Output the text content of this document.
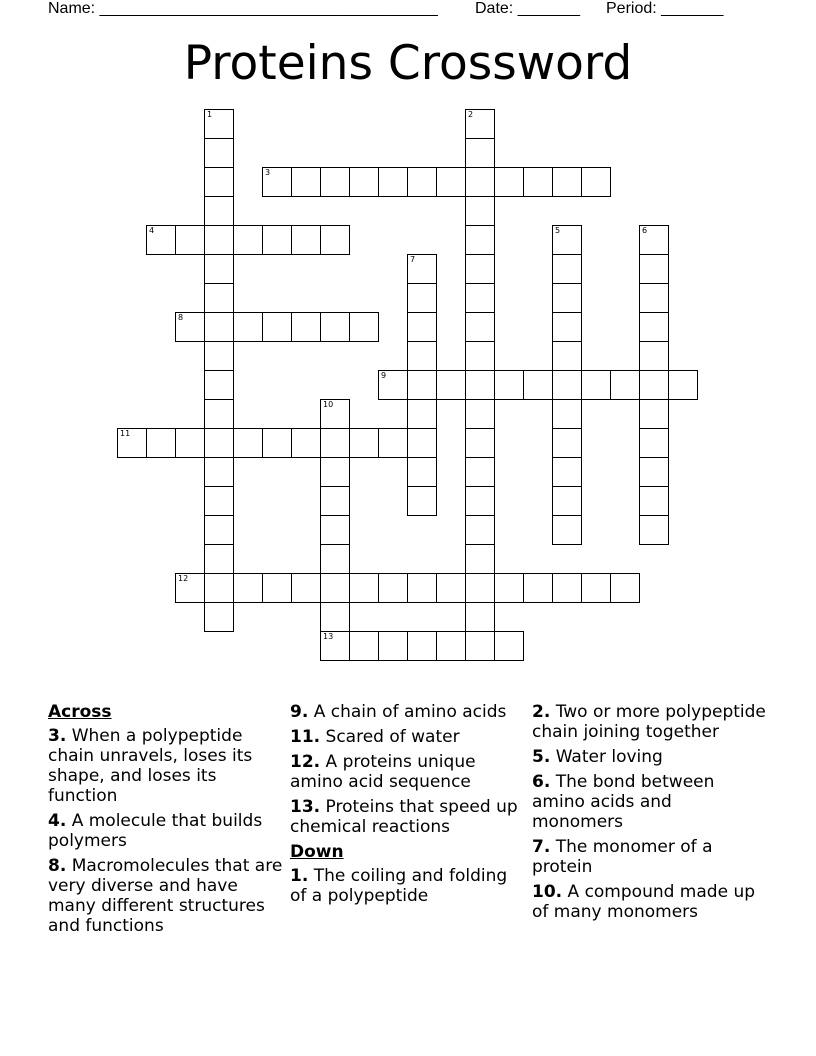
Name: ______________________________________ Date: _______ Period: _______
Proteins Crossword
1	2
3
4	5	6
7
8
9
10
13
11
12
Across
3. When a polypeptide chain unravels, loses its shape, and loses its function
4. A molecule that builds polymers
8. Macromolecules that are very diverse and have many different structures and functions
9. A chain of amino acids
11. Scared of water
12. A proteins unique amino acid sequence
13. Proteins that speed up chemical reactions
Down
1. The coiling and folding of a polypeptide
2. Two or more polypeptide chain joining together
5. Water loving
6. The bond between amino acids and monomers
7. The monomer of a protein
10. A compound made up of many monomers
